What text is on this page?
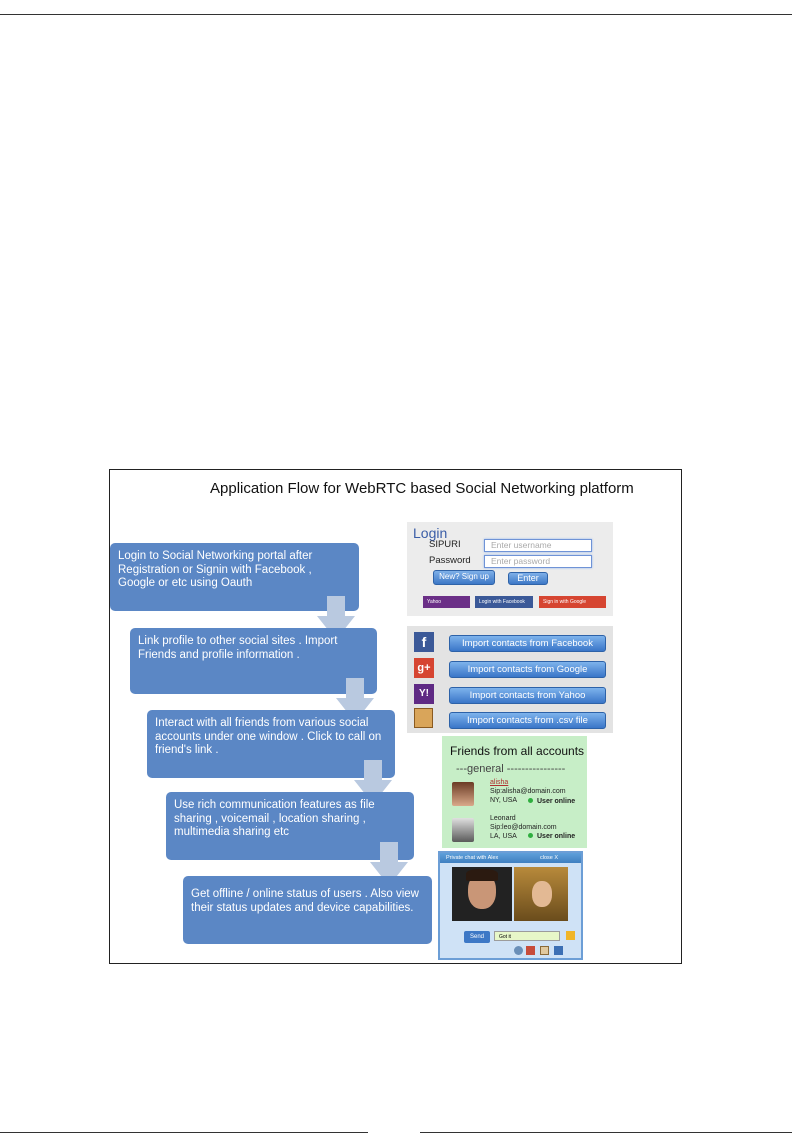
Application Flow for WebRTC based Social Networking platform
Login to Social Networking portal after Registration or Signin with Facebook , Google or etc using Oauth
Link profile to other social sites . Import Friends and profile information .
Interact with all friends from various social accounts under one window . Click to call on friend's link .
Use rich communication features as file sharing , voicemail , location sharing , multimedia sharing etc
Get offline / online status of users . Also view their status updates and device capabilities.
Login
SIPURI
Password
Enter username
Enter password
New? Sign up	Enter
Yahoo	Login with Facebook	Sign in with Google
f	Import contacts from Facebook
g+	Import contacts from Google
Y!	Import contacts from Yahoo
Import contacts from .csv file
Friends from all accounts
---general ----------------
alisha
Sip:alisha@domain.com
NY, USA	User online
Leonard
Sip:leo@domain.com
LA, USA	User online
Private chat with Alex	close X
Send	Got it
